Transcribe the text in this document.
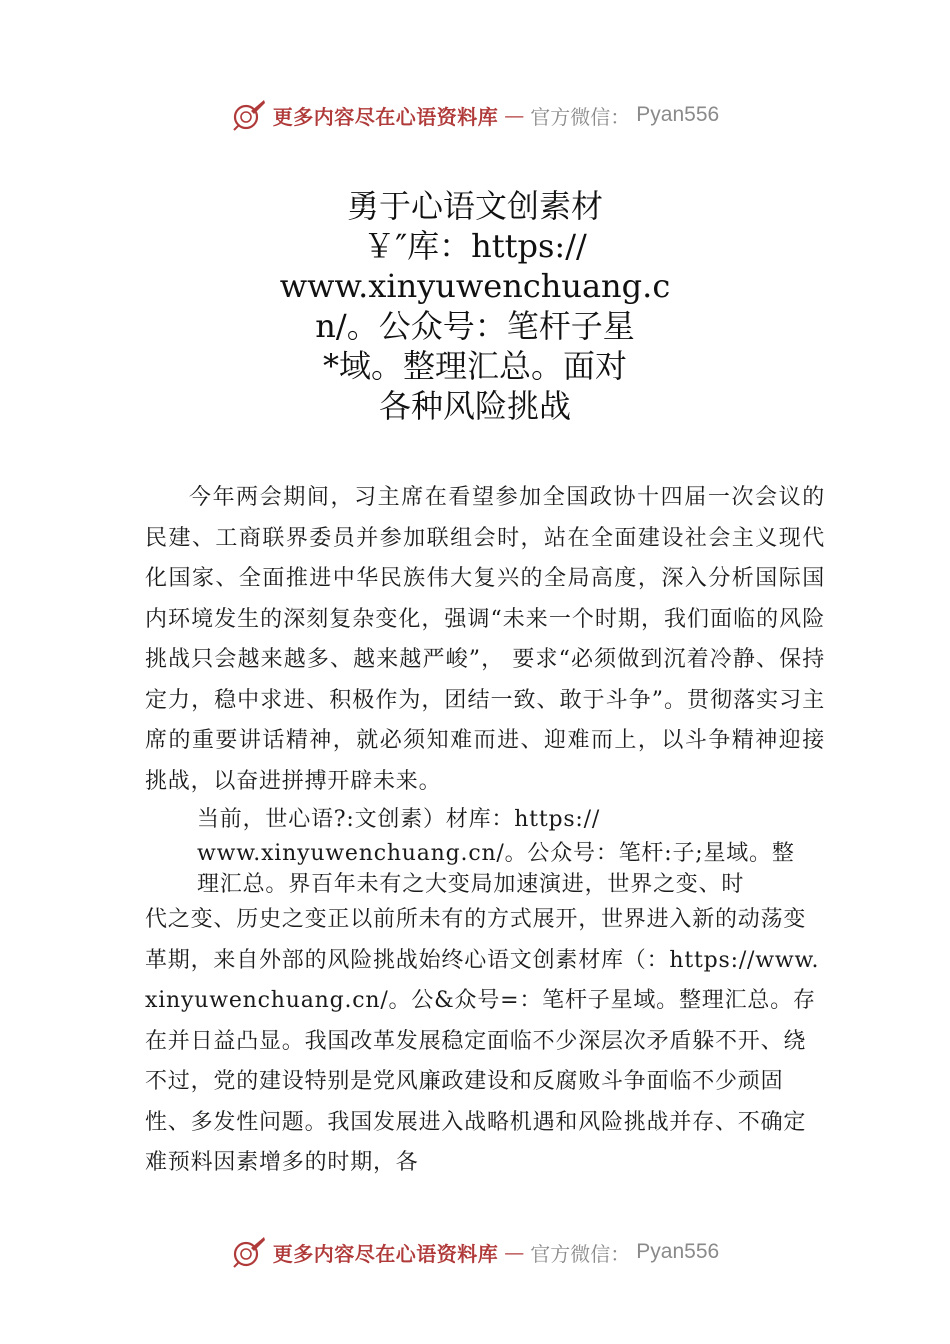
更多内容尽在心语资料库 — 官方微信： Pyan556
勇于心语文创素材
￥″库：https://
www.xinyuwenchuang.c
n/。公众号：笔杆子星
*域。整理汇总。面对
各种风险挑战

今年两会期间，习主席在看望参加全国政协十四届一次会议的民建、工商联界委员并参加联组会时，站在全面建设社会主义现代化国家、全面推进中华民族伟大复兴的全局高度，深入分析国际国内环境发生的深刻复杂变化，强调“未来一个时期，我们面临的风险挑战只会越来越多、越来越严峻”， 要求“必须做到沉着冷静、保持定力，稳中求进、积极作为，团结一致、敢于斗争”。贯彻落实习主席的重要讲话精神，就必须知难而进、迎难而上，以斗争精神迎接挑战，以奋进拼搏开辟未来。

当前，世心语?:文创素）材库：https://
www.xinyuwenchuang.cn/。公众号：笔杆:子;星域。整
理汇总。界百年未有之大变局加速演进，世界之变、时
代之变、历史之变正以前所未有的方式展开，世界进入新的动荡变革期，来自外部的风险挑战始终心语文创素材库（：https://www.xinyuwenchuang.cn/。公&众号=：笔杆子星域。整理汇总。存在并日益凸显。我国改革发展稳定面临不少深层次矛盾躲不开、绕不过，党的建设特别是党风廉政建设和反腐败斗争面临不少顽固性、多发性问题。我国发展进入战略机遇和风险挑战并存、不确定难预料因素增多的时期，各
更多内容尽在心语资料库 — 官方微信： Pyan556
